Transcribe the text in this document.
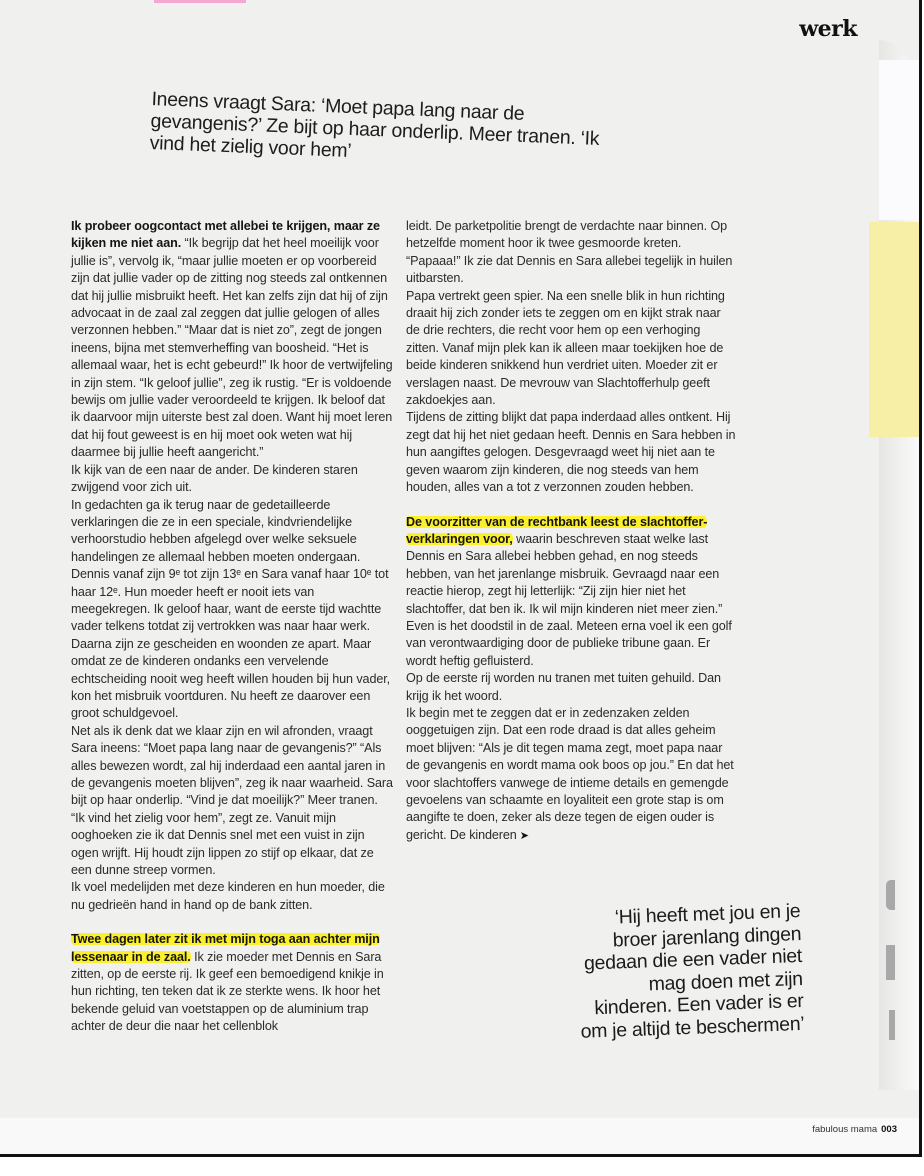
werk
Ineens vraagt Sara: ‘Moet papa lang naar de gevangenis?’ Ze bijt op haar onderlip. Meer tranen. ‘Ik vind het zielig voor hem’

Ik probeer oogcontact met allebei te krijgen, maar ze kijken me niet aan. “Ik begrijp dat het heel moeilijk voor jullie is”, vervolg ik, “maar jullie moeten er op voorbereid zijn dat jullie vader op de zitting nog steeds zal ontkennen dat hij jullie misbruikt heeft. Het kan zelfs zijn dat hij of zijn advocaat in de zaal zal zeggen dat jullie gelogen of alles verzonnen hebben.” “Maar dat is niet zo”, zegt de jongen ineens, bijna met stemverheffing van boosheid. “Het is allemaal waar, het is echt gebeurd!” Ik hoor de vertwijfeling in zijn stem. “Ik geloof jullie”, zeg ik rustig. “Er is voldoende bewijs om jullie vader veroordeeld te krijgen. Ik beloof dat ik daarvoor mijn uiterste best zal doen. Want hij moet leren dat hij fout geweest is en hij moet ook weten wat hij daarmee bij jullie heeft aangericht.”

Ik kijk van de een naar de ander. De kinderen staren zwijgend voor zich uit.

In gedachten ga ik terug naar de gedetailleerde verklaringen die ze in een speciale, kindvriendelijke verhoorstudio hebben afgelegd over welke seksuele handelingen ze allemaal hebben moeten ondergaan. Dennis vanaf zijn 9ᵉ tot zijn 13ᵉ en Sara vanaf haar 10ᵉ tot haar 12ᵉ. Hun moeder heeft er nooit iets van meegekregen. Ik geloof haar, want de eerste tijd wachtte vader telkens totdat zij vertrokken was naar haar werk. Daarna zijn ze gescheiden en woonden ze apart. Maar omdat ze de kinderen ondanks een vervelende echtscheiding nooit weg heeft willen houden bij hun vader, kon het misbruik voortduren. Nu heeft ze daarover een groot schuldgevoel.

Net als ik denk dat we klaar zijn en wil afronden, vraagt Sara ineens: “Moet papa lang naar de gevangenis?” “Als alles bewezen wordt, zal hij inderdaad een aantal jaren in de gevangenis moeten blijven”, zeg ik naar waarheid. Sara bijt op haar onderlip. “Vind je dat moeilijk?” Meer tranen. “Ik vind het zielig voor hem”, zegt ze. Vanuit mijn ooghoeken zie ik dat Dennis snel met een vuist in zijn ogen wrijft. Hij houdt zijn lippen zo stijf op elkaar, dat ze een dunne streep vormen.

Ik voel medelijden met deze kinderen en hun moeder, die nu gedrieën hand in hand op de bank zitten.

Twee dagen later zit ik met mijn toga aan achter mijn lessenaar in de zaal. Ik zie moeder met Dennis en Sara zitten, op de eerste rij. Ik geef een bemoedigend knikje in hun richting, ten teken dat ik ze sterkte wens. Ik hoor het bekende geluid van voetstappen op de aluminium trap achter de deur die naar het cellenblok

leidt. De parketpolitie brengt de verdachte naar binnen. Op hetzelfde moment hoor ik twee gesmoorde kreten. “Papaaa!” Ik zie dat Dennis en Sara allebei tegelijk in huilen uitbarsten.

Papa vertrekt geen spier. Na een snelle blik in hun richting draait hij zich zonder iets te zeggen om en kijkt strak naar de drie rechters, die recht voor hem op een verhoging zitten. Vanaf mijn plek kan ik alleen maar toekijken hoe de beide kinderen snikkend hun verdriet uiten. Moeder zit er verslagen naast. De mevrouw van Slachtofferhulp geeft zakdoekjes aan.

Tijdens de zitting blijkt dat papa inderdaad alles ontkent. Hij zegt dat hij het niet gedaan heeft. Dennis en Sara hebben in hun aangiftes gelogen. Desgevraagd weet hij niet aan te geven waarom zijn kinderen, die nog steeds van hem houden, alles van a tot z verzonnen zouden hebben.

De voorzitter van de rechtbank leest de slachtoffer-verklaringen voor, waarin beschreven staat welke last Dennis en Sara allebei hebben gehad, en nog steeds hebben, van het jarenlange misbruik. Gevraagd naar een reactie hierop, zegt hij letterlijk: “Zij zijn hier niet het slachtoffer, dat ben ik. Ik wil mijn kinderen niet meer zien.” Even is het doodstil in de zaal. Meteen erna voel ik een golf van verontwaardiging door de publieke tribune gaan. Er wordt heftig gefluisterd.

Op de eerste rij worden nu tranen met tuiten gehuild. Dan krijg ik het woord.

Ik begin met te zeggen dat er in zedenzaken zelden ooggetuigen zijn. Dat een rode draad is dat alles geheim moet blijven: “Als je dit tegen mama zegt, moet papa naar de gevangenis en wordt mama ook boos op jou.” En dat het voor slachtoffers vanwege de intieme details en gemengde gevoelens van schaamte en loyaliteit een grote stap is om aangifte te doen, zeker als deze tegen de eigen ouder is gericht. De kinderen ➤

‘Hij heeft met jou en je broer jarenlang dingen gedaan die een vader niet mag doen met zijn kinderen. Een vader is er om je altijd te beschermen’
fabulous mama 003
